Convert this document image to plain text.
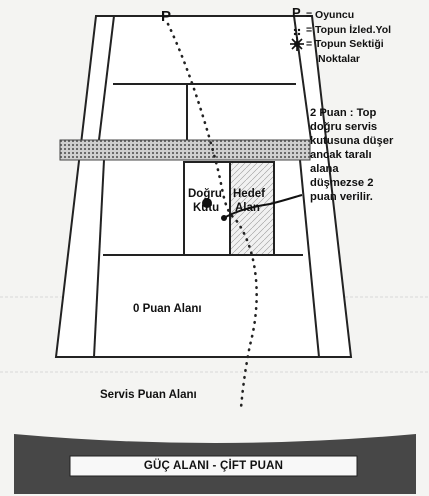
P = Oyuncu
= Topun İzled.Yol
= Topun Sektiği
Noktalar
P
Doğru
Kutu
Hedef
Alan
0 Puan Alanı
Servis Puan Alanı
2 Puan : Top
doğru servis
kutusuna düşer
ancak taralı
alana
düşmezse 2
puan verilir.
GÜÇ ALANI - ÇİFT PUAN
